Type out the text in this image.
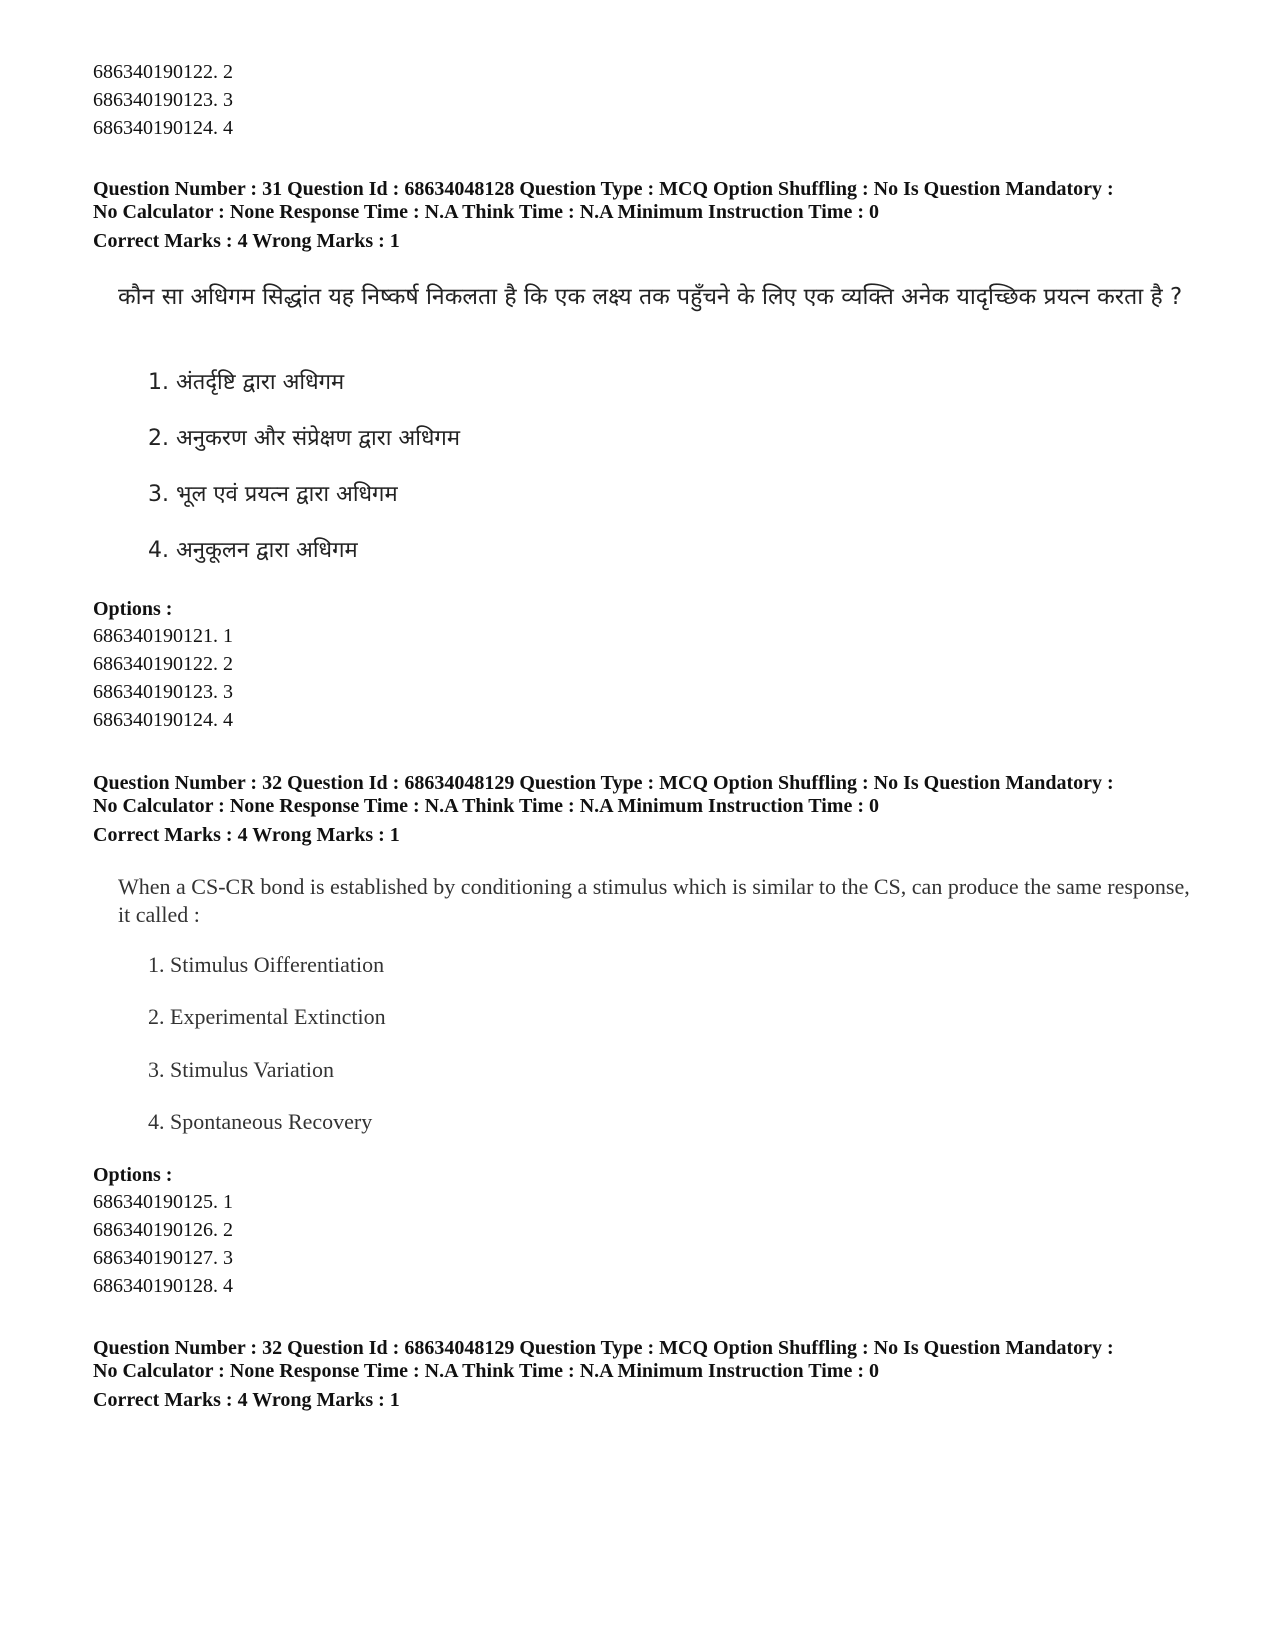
686340190122. 2
686340190123. 3
686340190124. 4
Question Number : 31 Question Id : 68634048128 Question Type : MCQ Option Shuffling : No Is Question Mandatory :
No Calculator : None Response Time : N.A Think Time : N.A Minimum Instruction Time : 0
Correct Marks : 4 Wrong Marks : 1
कौन सा अधिगम सिद्धांत यह निष्कर्ष निकलता है कि एक लक्ष्य तक पहुँचने के लिए एक व्यक्ति अनेक यादृच्छिक प्रयत्न करता है ?
1. अंतर्दृष्टि द्वारा अधिगम
2. अनुकरण और संप्रेक्षण द्वारा अधिगम
3. भूल एवं प्रयत्न द्वारा अधिगम
4. अनुकूलन द्वारा अधिगम
Options :
686340190121. 1
686340190122. 2
686340190123. 3
686340190124. 4
Question Number : 32 Question Id : 68634048129 Question Type : MCQ Option Shuffling : No Is Question Mandatory :
No Calculator : None Response Time : N.A Think Time : N.A Minimum Instruction Time : 0
Correct Marks : 4 Wrong Marks : 1
When a CS-CR bond is established by conditioning a stimulus which is similar to the CS, can produce the same response, it called :
1. Stimulus Oifferentiation
2. Experimental Extinction
3. Stimulus Variation
4. Spontaneous Recovery
Options :
686340190125. 1
686340190126. 2
686340190127. 3
686340190128. 4
Question Number : 32 Question Id : 68634048129 Question Type : MCQ Option Shuffling : No Is Question Mandatory :
No Calculator : None Response Time : N.A Think Time : N.A Minimum Instruction Time : 0
Correct Marks : 4 Wrong Marks : 1
